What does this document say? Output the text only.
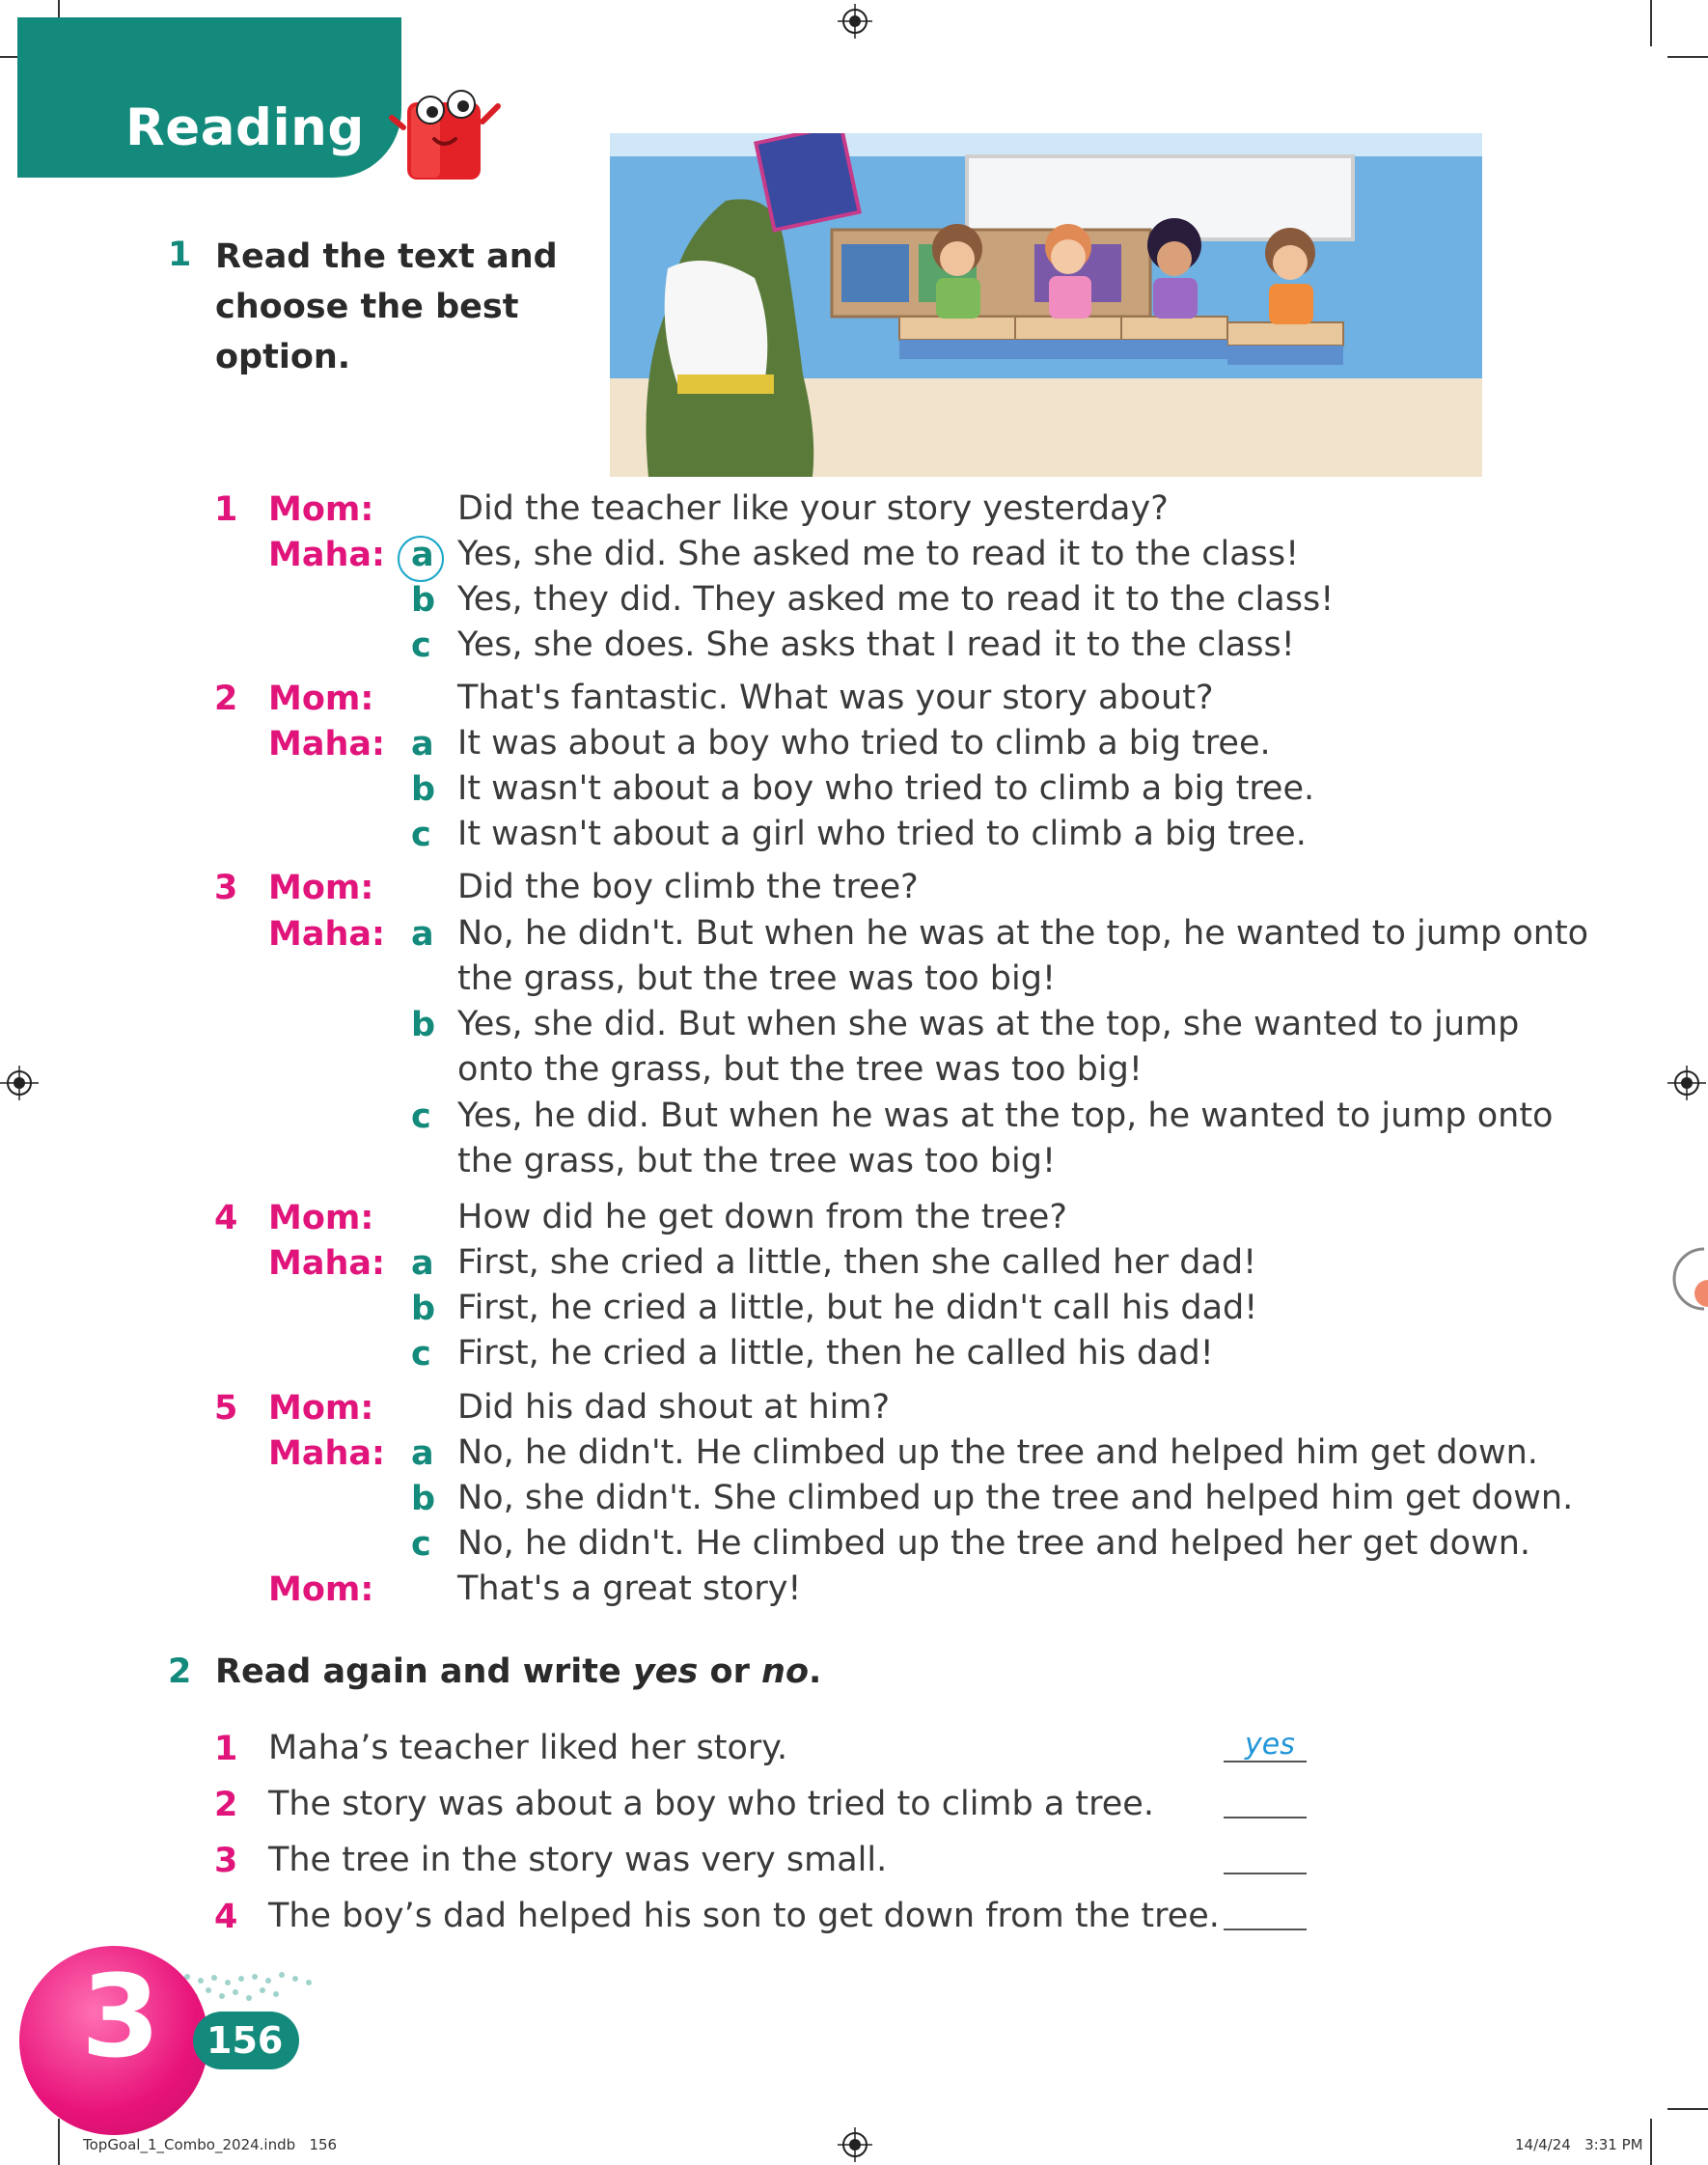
Reading
1 Read the text and
choose the best
option.
1 Mom: Did the teacher like your story yesterday?
Maha: a Yes, she did. She asked me to read it to the class!
b Yes, they did. They asked me to read it to the class!
c Yes, she does. She asks that I read it to the class!
2 Mom: That's fantastic. What was your story about?
Maha: a It was about a boy who tried to climb a big tree.
b It wasn't about a boy who tried to climb a big tree.
c It wasn't about a girl who tried to climb a big tree.
3 Mom: Did the boy climb the tree?
Maha: a No, he didn't. But when he was at the top, he wanted to jump onto
the grass, but the tree was too big!
b Yes, she did. But when she was at the top, she wanted to jump
onto the grass, but the tree was too big!
c Yes, he did. But when he was at the top, he wanted to jump onto
the grass, but the tree was too big!
4 Mom: How did he get down from the tree?
Maha: a First, she cried a little, then she called her dad!
b First, he cried a little, but he didn't call his dad!
c First, he cried a little, then he called his dad!
5 Mom: Did his dad shout at him?
Maha: a No, he didn't. He climbed up the tree and helped him get down.
b No, she didn't. She climbed up the tree and helped him get down.
c No, he didn't. He climbed up the tree and helped her get down.
Mom: That's a great story!
2 Read again and write yes or no.
1 Maha’s teacher liked her story.	yes
2 The story was about a boy who tried to climb a tree.
3 The tree in the story was very small.
4 The boy’s dad helped his son to get down from the tree.
3 156
TopGoal_1_Combo_2024.indb   156	14/4/24   3:31 PM
